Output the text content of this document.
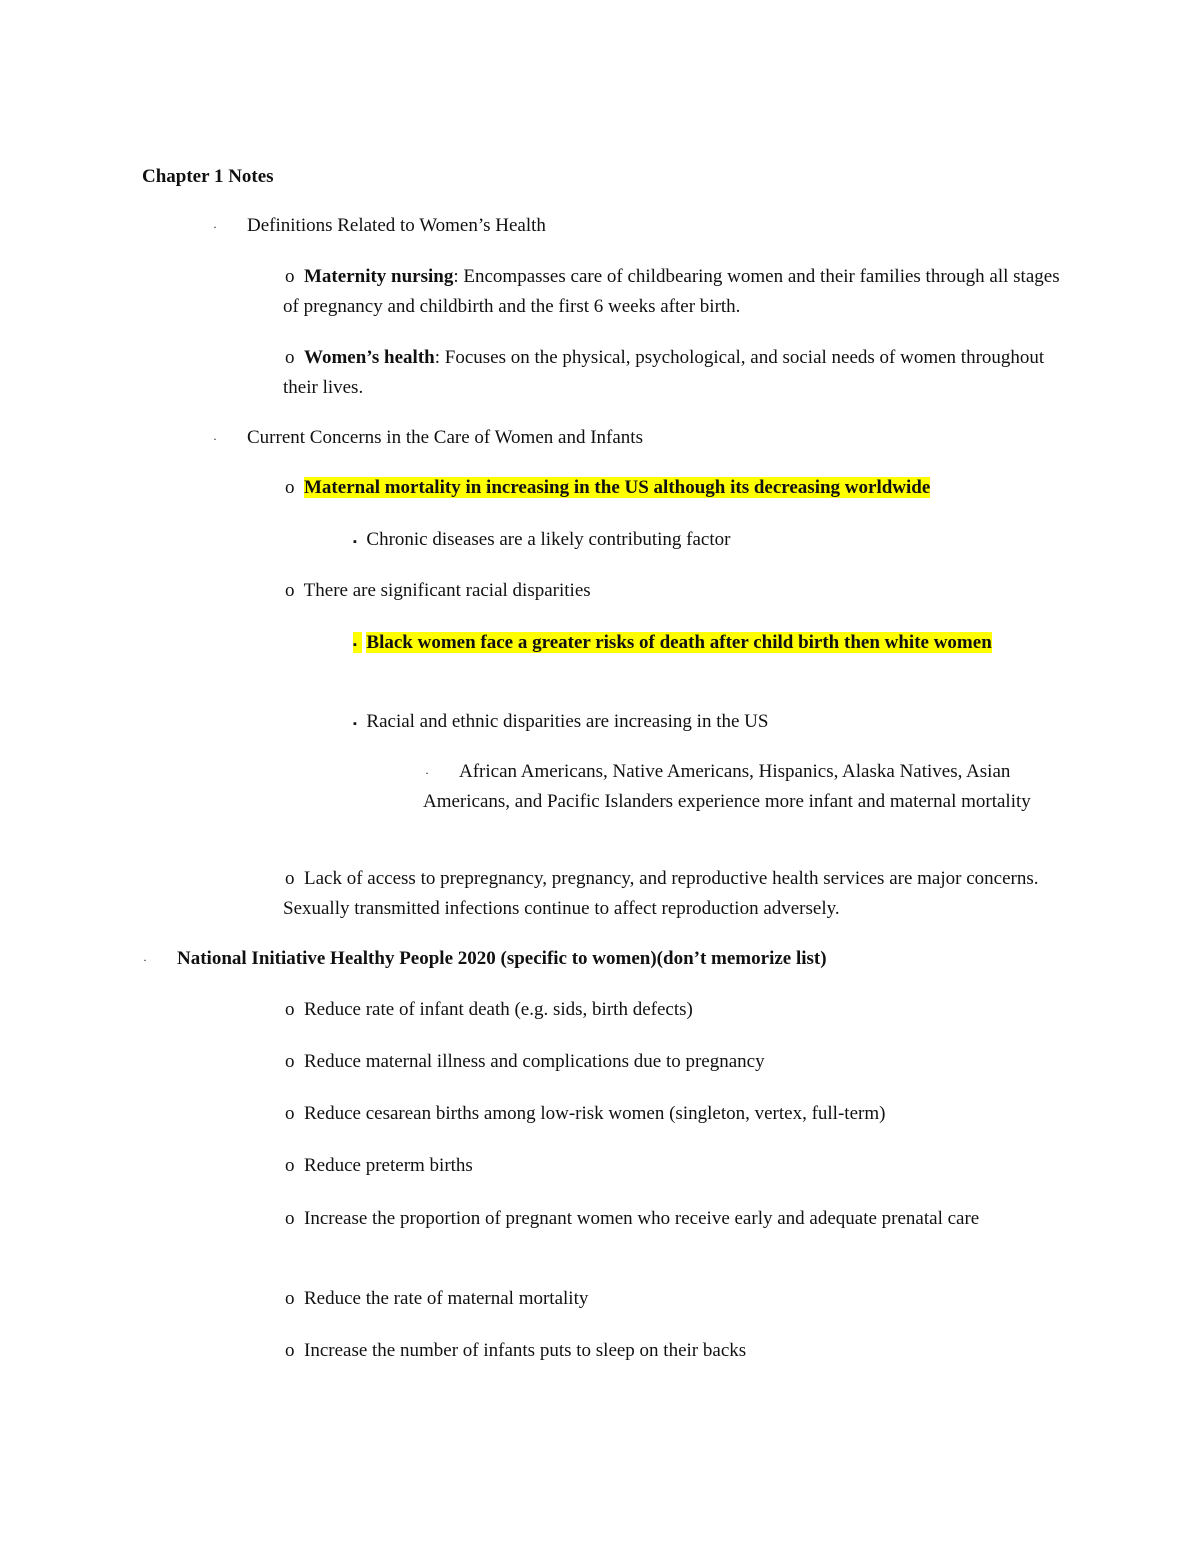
Chapter 1 Notes
· Definitions Related to Women’s Health
o Maternity nursing: Encompasses care of childbearing women and their families through all stages of pregnancy and childbirth and the first 6 weeks after birth.
o Women’s health: Focuses on the physical, psychological, and social needs of women throughout their lives.
· Current Concerns in the Care of Women and Infants
o Maternal mortality in increasing in the US although its decreasing worldwide
▪ Chronic diseases are a likely contributing factor
o There are significant racial disparities
▪ Black women face a greater risks of death after child birth then white women
▪ Racial and ethnic disparities are increasing in the US
·	African Americans, Native Americans, Hispanics, Alaska Natives, Asian Americans, and Pacific Islanders experience more infant and maternal mortality
o Lack of access to prepregnancy, pregnancy, and reproductive health services are major concerns. Sexually transmitted infections continue to affect reproduction adversely.
· National Initiative Healthy People 2020 (specific to women)(don’t memorize list)
o Reduce rate of infant death (e.g. sids, birth defects)
o Reduce maternal illness and complications due to pregnancy
o Reduce cesarean births among low-risk women (singleton, vertex, full-term)
o Reduce preterm births
o Increase the proportion of pregnant women who receive early and adequate prenatal care
o Reduce the rate of maternal mortality
o Increase the number of infants puts to sleep on their backs
